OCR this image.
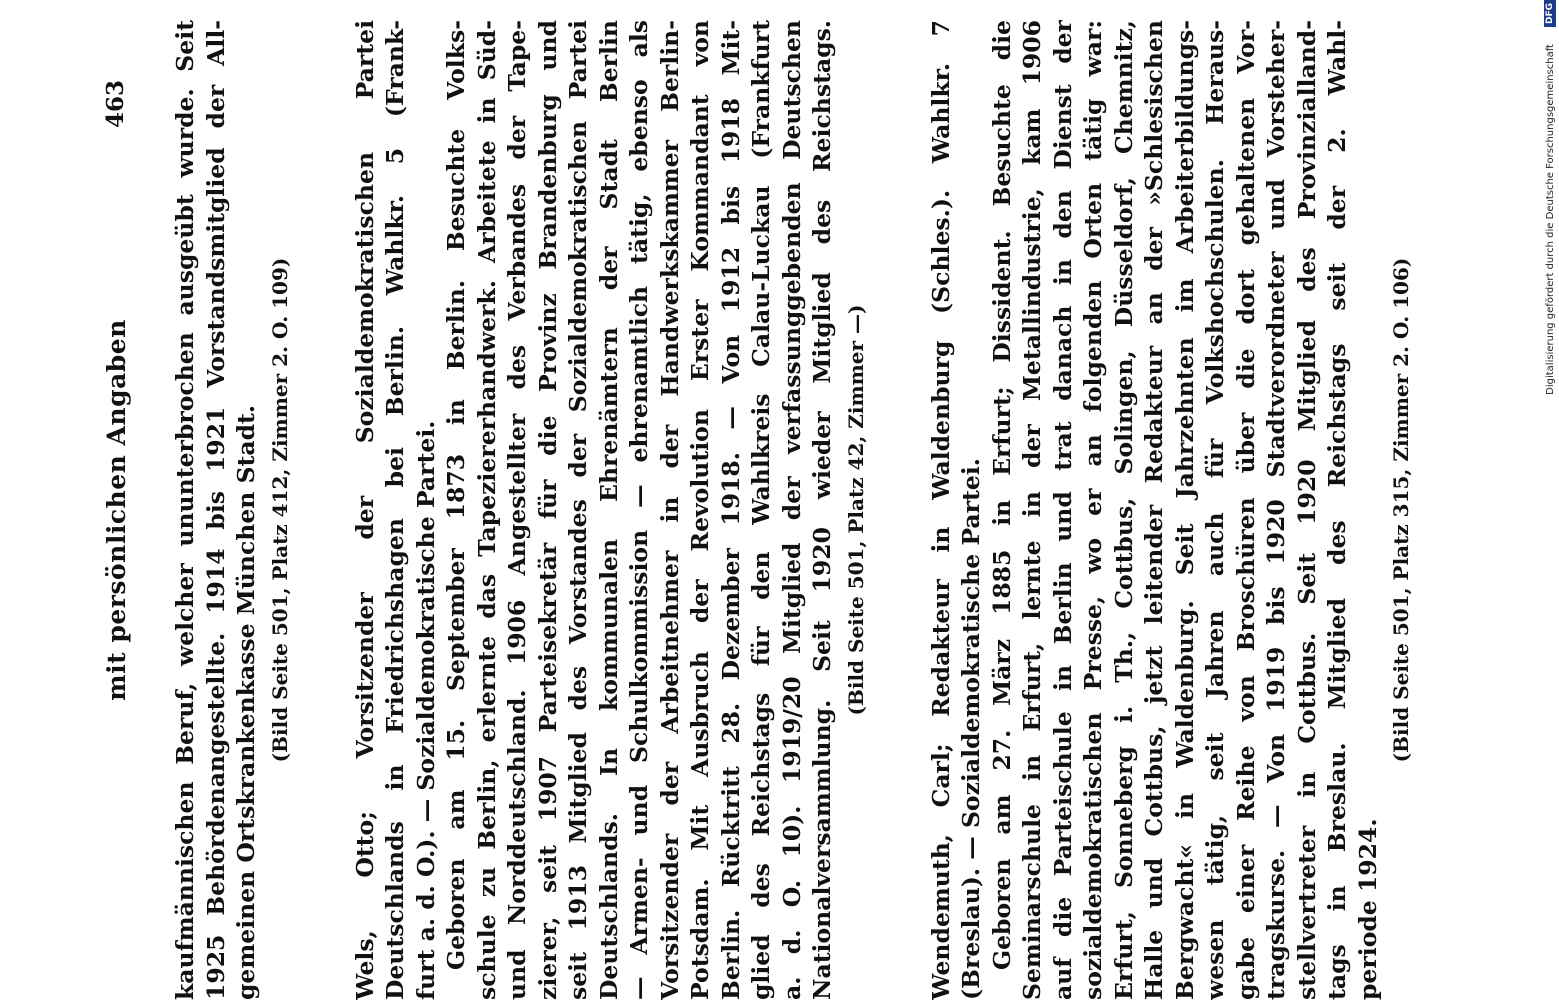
mit persönlichen Angaben
463 kaufmännischen Beruf, welcher ununterbrochen ausgeübt wurde. Seit 1925 Behördenangestellte. 1914 bis 1921 Vorstandsmitglied der All- gemeinen Ortskrankenkasse München Stadt. (Bild Seite 501, Platz 412, Zimmer 2. O. 109)

Wels, Otto; Vorsitzender der Sozialdemokratischen Partei Deutschlands in Friedrichshagen bei Berlin. Wahlkr. 5 (Frank- furt a. d. O.). — Sozialdemokratische Partei. Geboren am 15. September 1873 in Berlin. Besuchte Volks- schule zu Berlin, erlernte das Tapeziererhandwerk. Arbeitete in Süd- und Norddeutschland. 1906 Angestellter des Verbandes der Tape- zierer, seit 1907 Parteisekretär für die Provinz Brandenburg und seit 1913 Mitglied des Vorstandes der Sozialdemokratischen Partei Deutschlands. In kommunalen Ehrenämtern der Stadt Berlin — Armen- und Schulkommission — ehrenamtlich tätig, ebenso als Vorsitzender der Arbeitnehmer in der Handwerkskammer Berlin- Potsdam. Mit Ausbruch der Revolution Erster Kommandant von Berlin. Rücktritt 28. Dezember 1918. — Von 1912 bis 1918 Mit- glied des Reichstags für den Wahlkreis Calau-Luckau (Frankfurt a. d. O. 10). 1919/20 Mitglied der verfassunggebenden Deutschen Nationalversammlung. Seit 1920 wieder Mitglied des Reichstags. (Bild Seite 501, Platz 42, Zimmer —)

Wendemuth, Carl; Redakteur in Waldenburg (Schles.). Wahlkr. 7 (Breslau). — Sozialdemokratische Partei. Geboren am 27. März 1885 in Erfurt; Dissident. Besuchte die Seminarschule in Erfurt, lernte in der Metallindustrie, kam 1906 auf die Parteischule in Berlin und trat danach in den Dienst der sozialdemokratischen Presse, wo er an folgenden Orten tätig war: Erfurt, Sonneberg i. Th., Cottbus, Solingen, Düsseldorf, Chemnitz, Halle und Cottbus, jetzt leitender Redakteur an der »Schlesischen Bergwacht« in Waldenburg. Seit Jahrzehnten im Arbeiterbildungs- wesen tätig, seit Jahren auch für Volkshochschulen. Heraus- gabe einer Reihe von Broschüren über die dort gehaltenen Vor- tragskurse. — Von 1919 bis 1920 Stadtverordneter und Vorsteher- stellvertreter in Cottbus. Seit 1920 Mitglied des Provinzialland- tags in Breslau. Mitglied des Reichstags seit der 2. Wahl- periode 1924.

(Bild Seite 501, Platz 315, Zimmer 2. O. 106)
Digitalisierung gefördert durch die Deutsche Forschungsgemeinschaft
DFG
